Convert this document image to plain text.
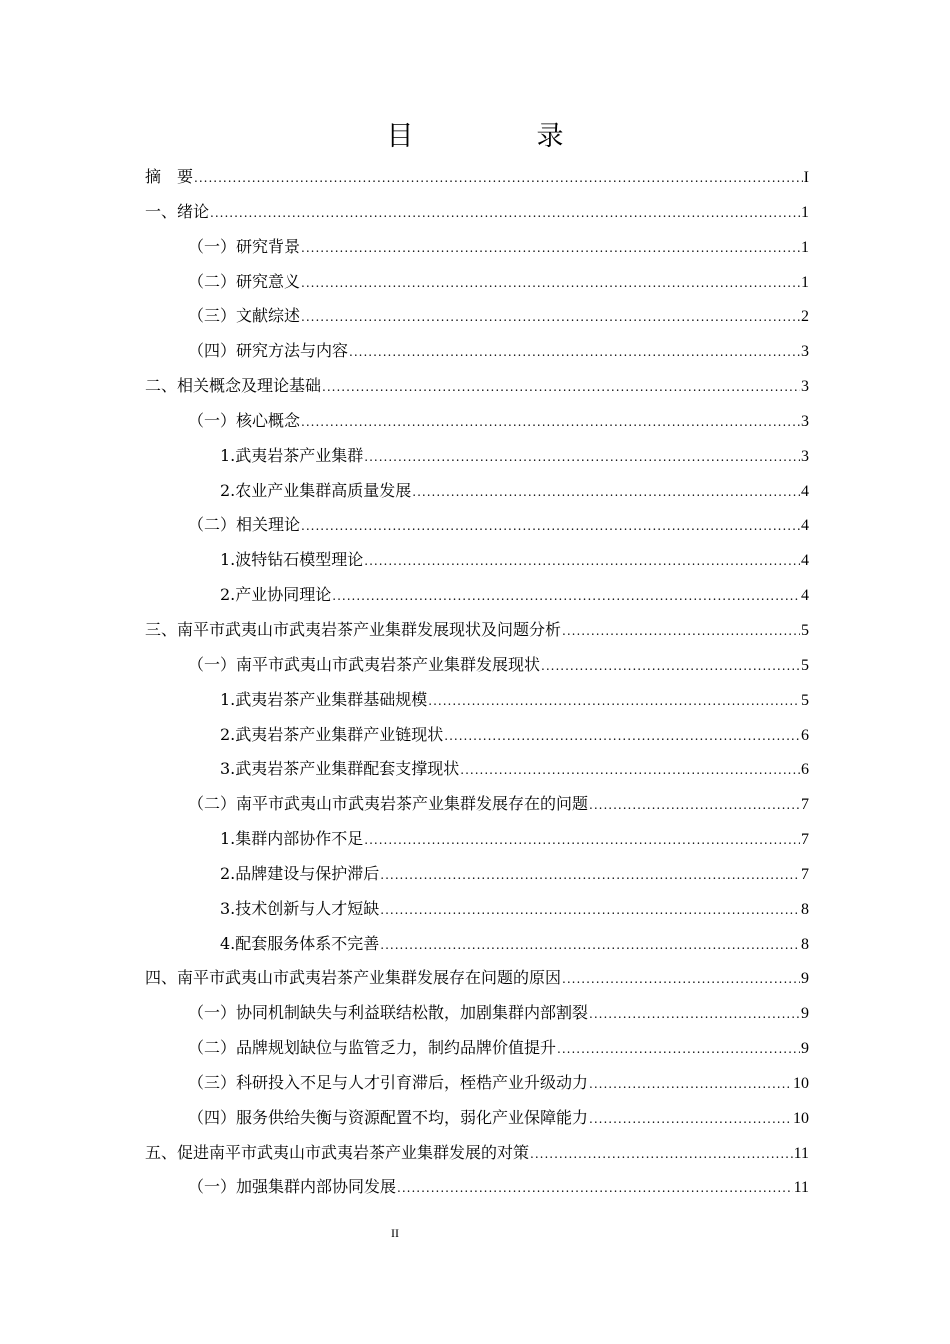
目　录
摘　要 .....	I
一、绪论 .....	1
（一）研究背景 .....	1
（二）研究意义 .....	1
（三）文献综述 .....	2
（四）研究方法与内容 .....	3
二、相关概念及理论基础 .....	3
（一）核心概念 .....	3
1.武夷岩茶产业集群 .....	3
2.农业产业集群高质量发展 .....	4
（二）相关理论 .....	4
1.波特钻石模型理论 .....	4
2.产业协同理论 .....	4
三、南平市武夷山市武夷岩茶产业集群发展现状及问题分析 .....	5
（一）南平市武夷山市武夷岩茶产业集群发展现状 .....	5
1.武夷岩茶产业集群基础规模 .....	5
2.武夷岩茶产业集群产业链现状 .....	6
3.武夷岩茶产业集群配套支撑现状 .....	6
（二）南平市武夷山市武夷岩茶产业集群发展存在的问题 .....	7
1.集群内部协作不足 .....	7
2.品牌建设与保护滞后 .....	7
3.技术创新与人才短缺 .....	8
4.配套服务体系不完善 .....	8
四、南平市武夷山市武夷岩茶产业集群发展存在问题的原因 .....	9
（一）协同机制缺失与利益联结松散，加剧集群内部割裂 .....	9
（二）品牌规划缺位与监管乏力，制约品牌价值提升 .....	9
（三）科研投入不足与人才引育滞后，桎梏产业升级动力 .....	10
（四）服务供给失衡与资源配置不均，弱化产业保障能力 .....	10
五、促进南平市武夷山市武夷岩茶产业集群发展的对策 .....	11
（一）加强集群内部协同发展 .....	11
II
